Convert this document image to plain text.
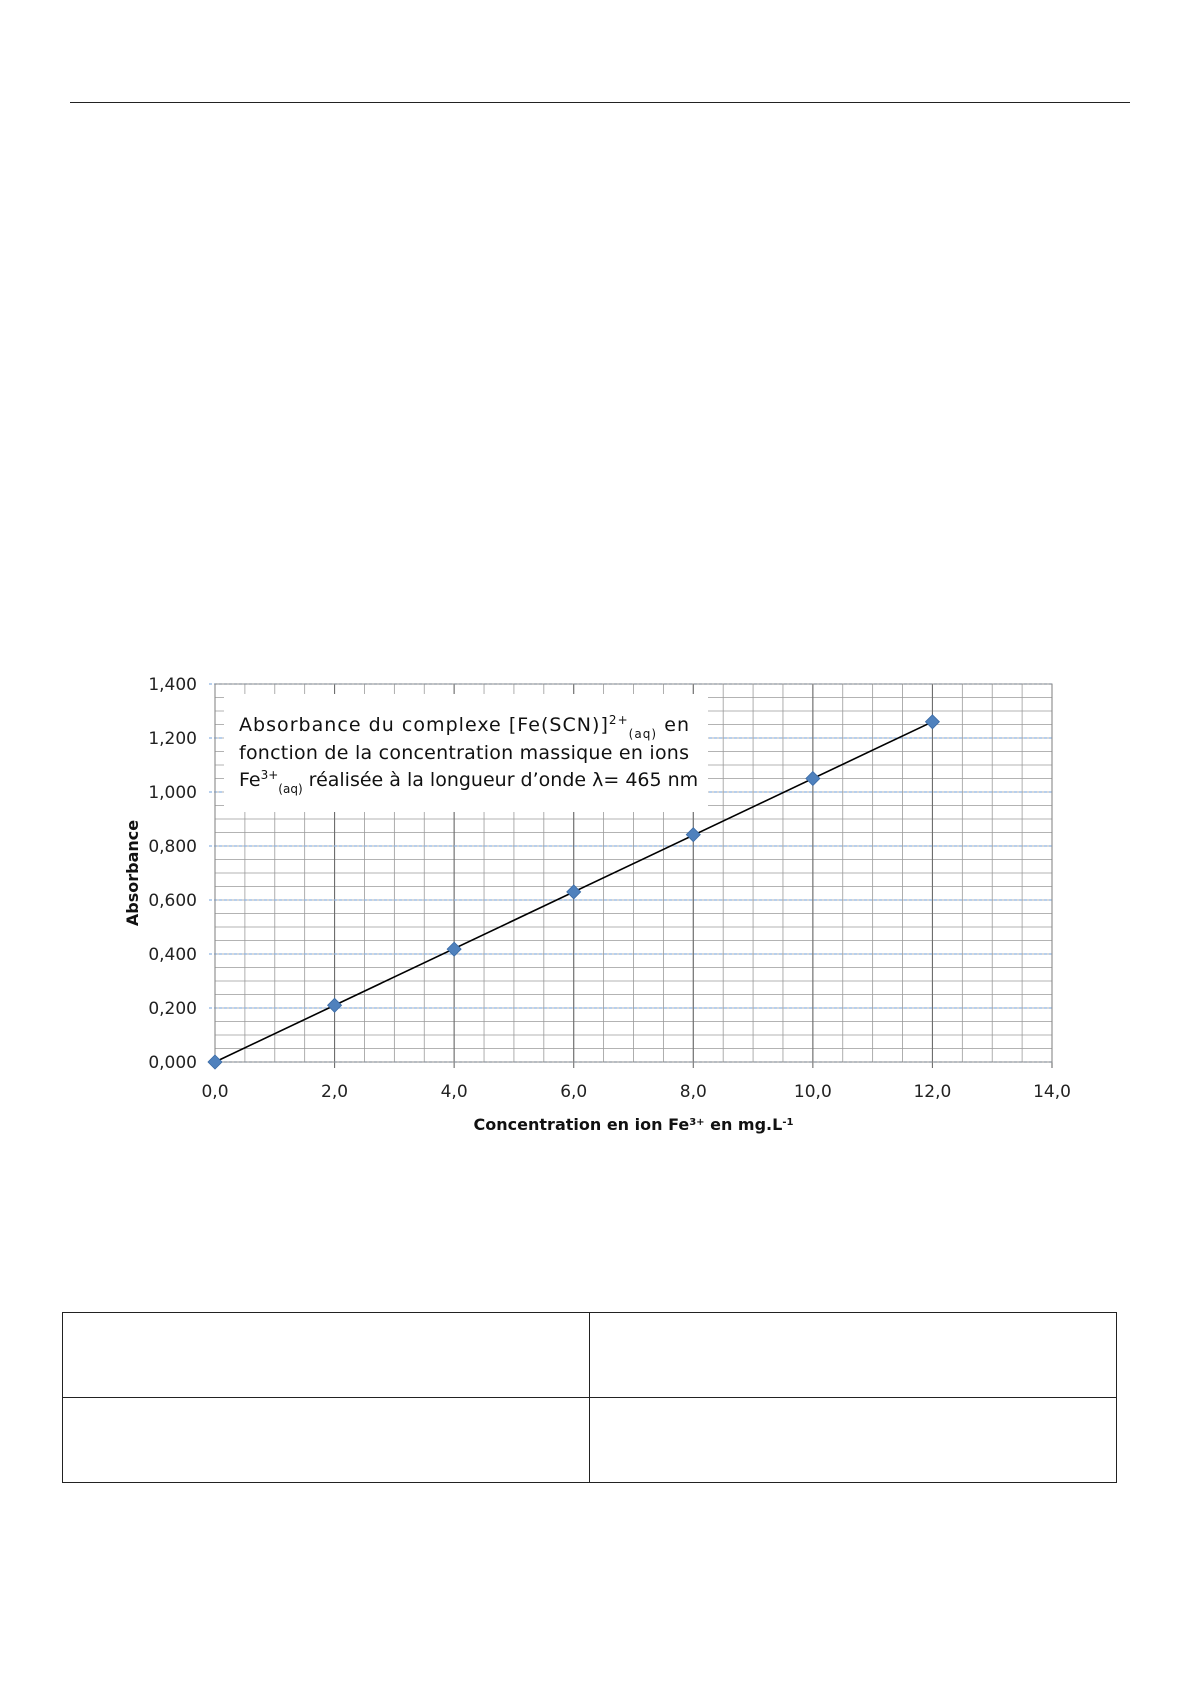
Absorbance du complexe $[Fe(SCN)]^{2+}_{(aq)}$ en
fonction de la concentration massique en ions
$Fe^{3+}_{(aq)}$ réalisée à la longueur d’onde λ= 465 nm
0,000
0,200
0,400
0,600
0,800
1,000
1,200
1,400
0,0	2,0	4,0	6,0	8,0	10,0	12,0	14,0
Absorbance
Concentration en ion $Fe^{3+}$ en $mg.L^{-1}$
